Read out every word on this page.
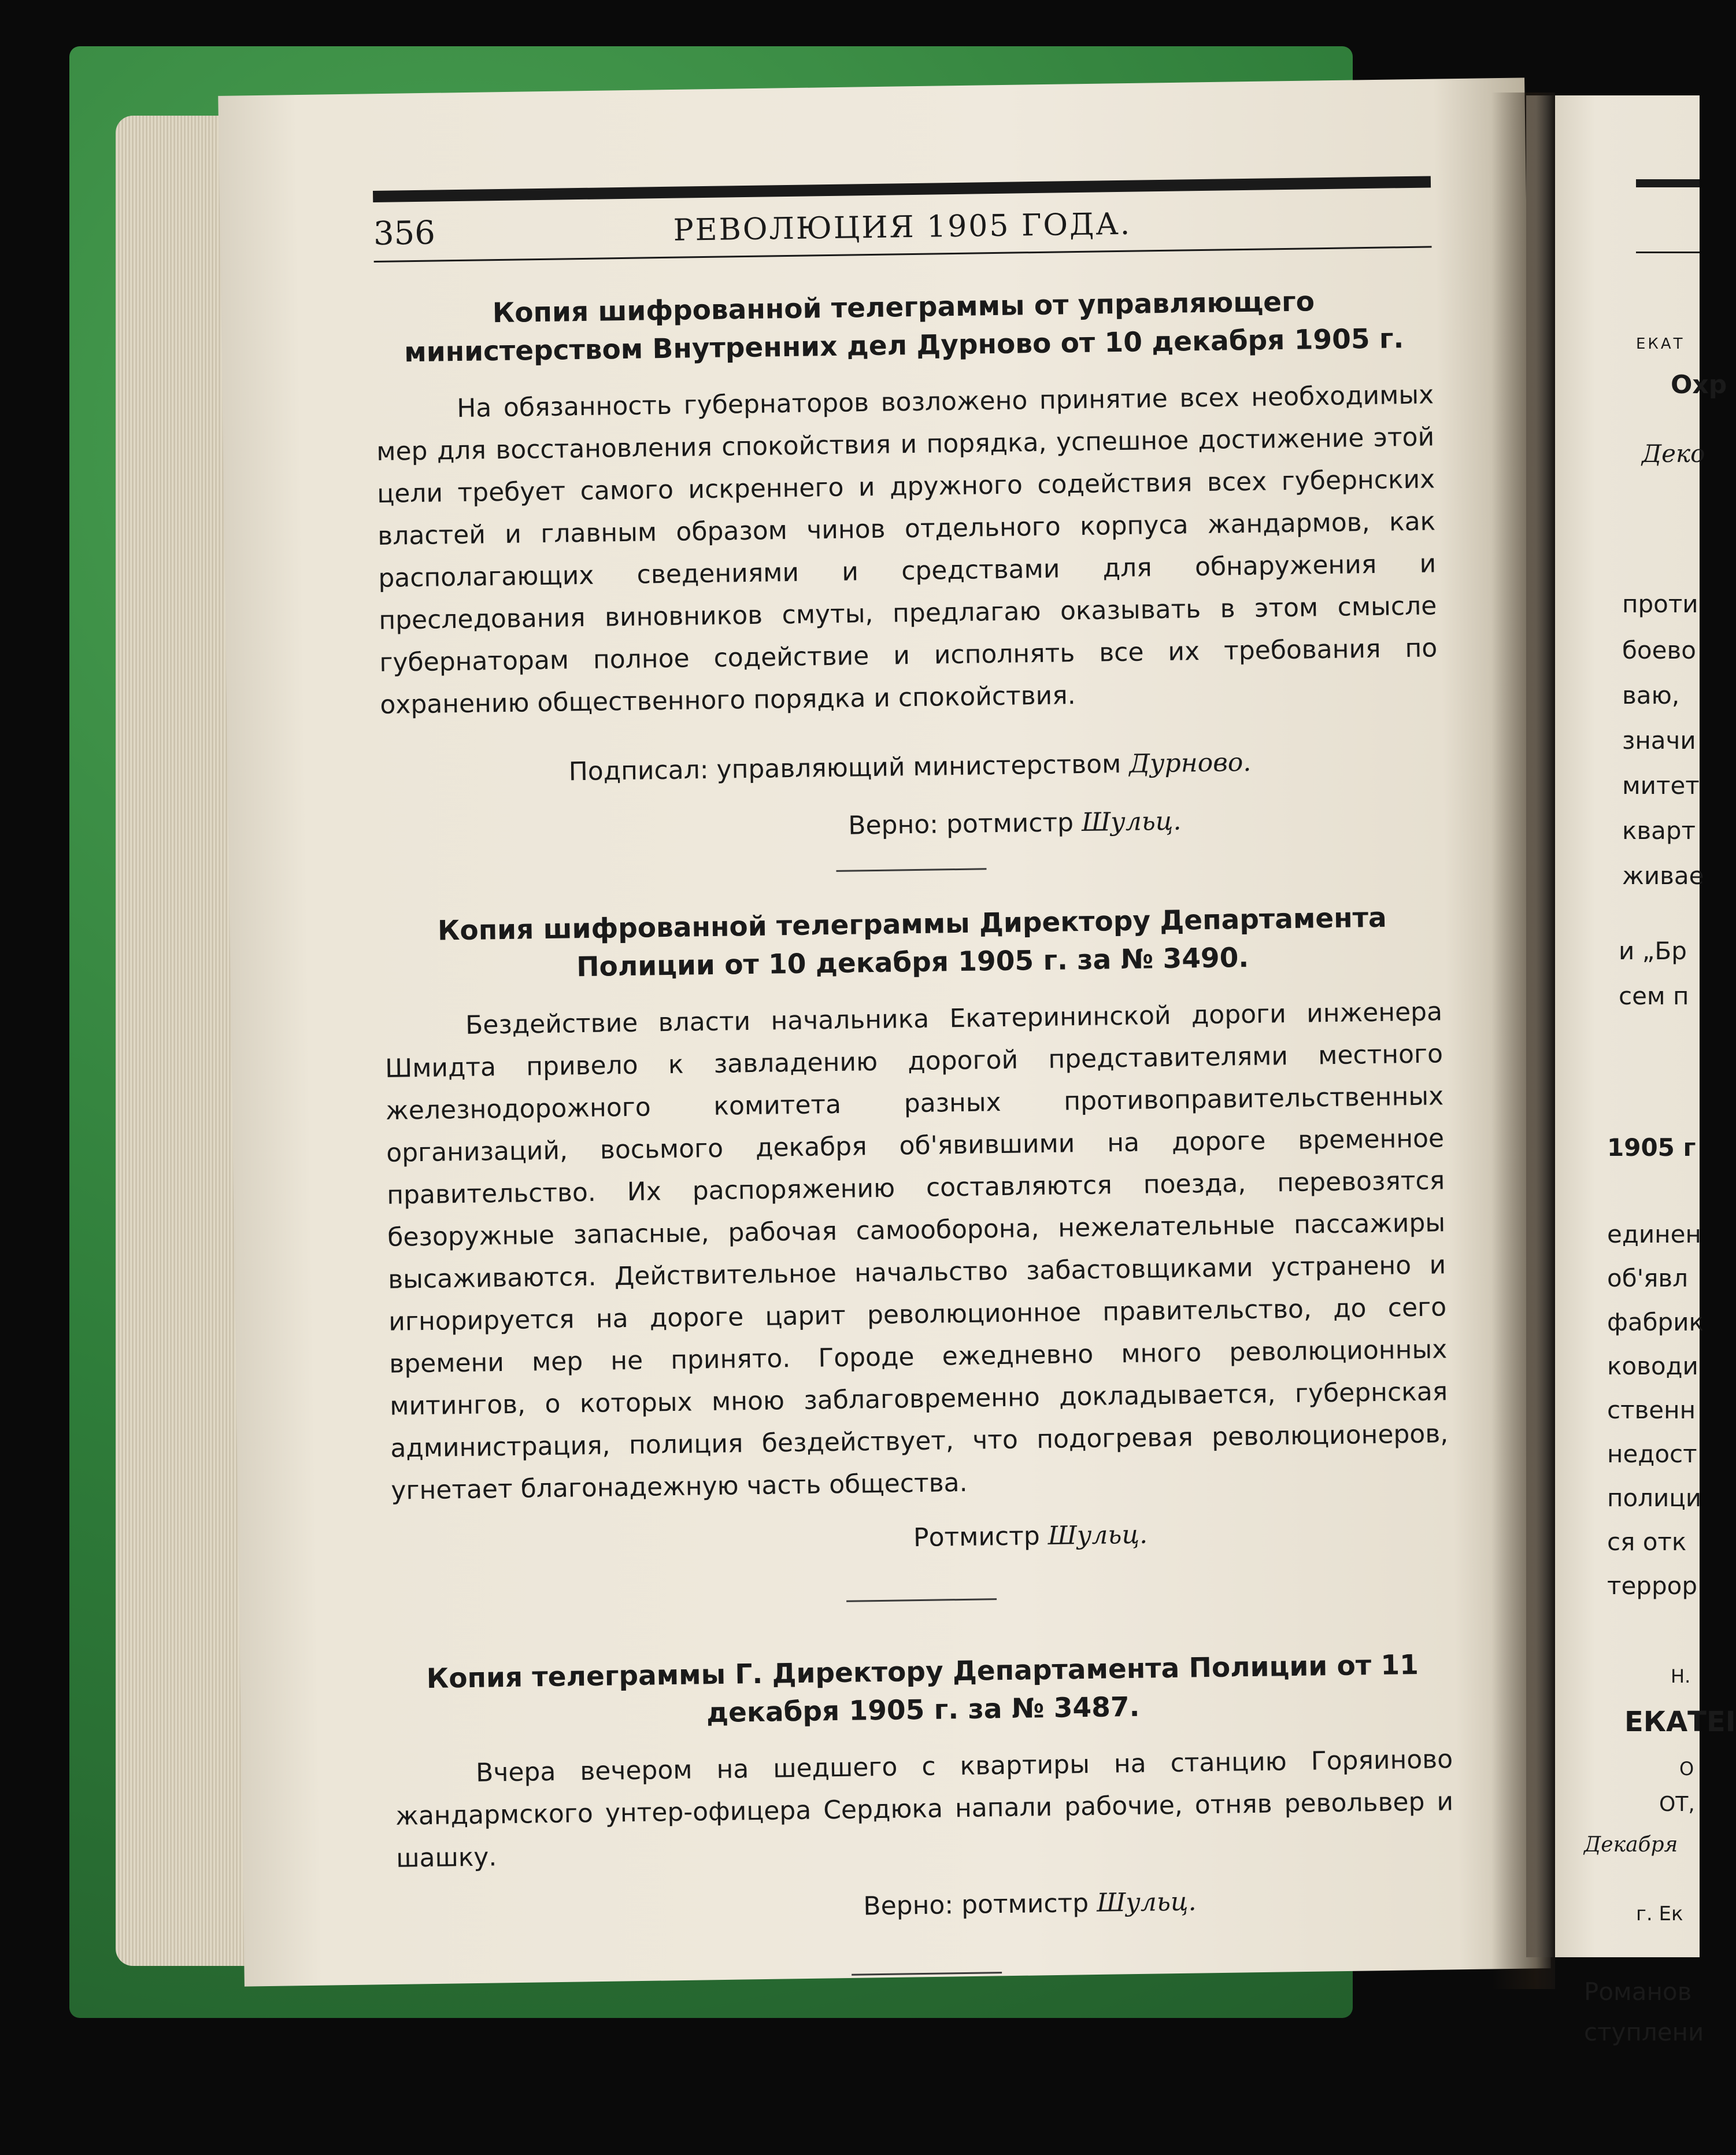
356	РЕВОЛЮЦИЯ 1905 ГОДА.

Копия шифрованной телеграммы от управляющего министерством Внутренних дел Дурново от 10 декабря 1905 г.

На обязанность губернаторов возложено принятие всех необходимых мер для восстановления спокойствия и порядка, успешное достижение этой цели требует самого искреннего и дружного содействия всех губернских властей и главным образом чинов отдельного корпуса жандармов, как располагающих сведениями и средствами для обнаружения и преследования виновников смуты, предлагаю оказывать в этом смысле губернаторам полное содействие и исполнять все их требования по охранению общественного порядка и спокойствия.

Подписал: управляющий министерством Дурново.

Верно: ротмистр Шульц.

Копия шифрованной телеграммы Директору Департамента Полиции от 10 декабря 1905 г. за № 3490.

Бездействие власти начальника Екатерининской дороги инженера Шмидта привело к завладению дорогой представителями местного железнодорожного комитета разных противоправительственных организаций, восьмого декабря об'явившими на дороге временное правительство. Их распоряжению составляются поезда, перевозятся безоружные запасные, рабочая самооборона, нежелательные пассажиры высаживаются. Действительное начальство забастовщиками устранено и игнорируется на дороге царит революционное правительство, до сего времени мер не принято. Городе ежедневно много революционных митингов, о которых мною заблаговременно докладывается, губернская администрация, полиция бездействует, что подогревая революционеров, угнетает благонадежную часть общества.

Ротмистр Шульц.

Копия телеграммы Г. Директору Департамента Полиции от 11 декабря 1905 г. за № 3487.

Вчера вечером на шедшего с квартиры на станцию Горяиново жандармского унтер-офицера Сердюка напали рабочие, отняв револьвер и шашку.

Верно: ротмистр Шульц.

ЕКАТ
Охр
Деко
проти
боево
ваю,
значи
митет
кварт
живае
и „Бр
сем п
1905 г
единен
об'явл
фабрик
ководи
ственн
недост
полици
ся отк
террор
Н.
ЕКАТЕІ
О
ОТ,
Декабря
г. Ек
Романов
ступлени
